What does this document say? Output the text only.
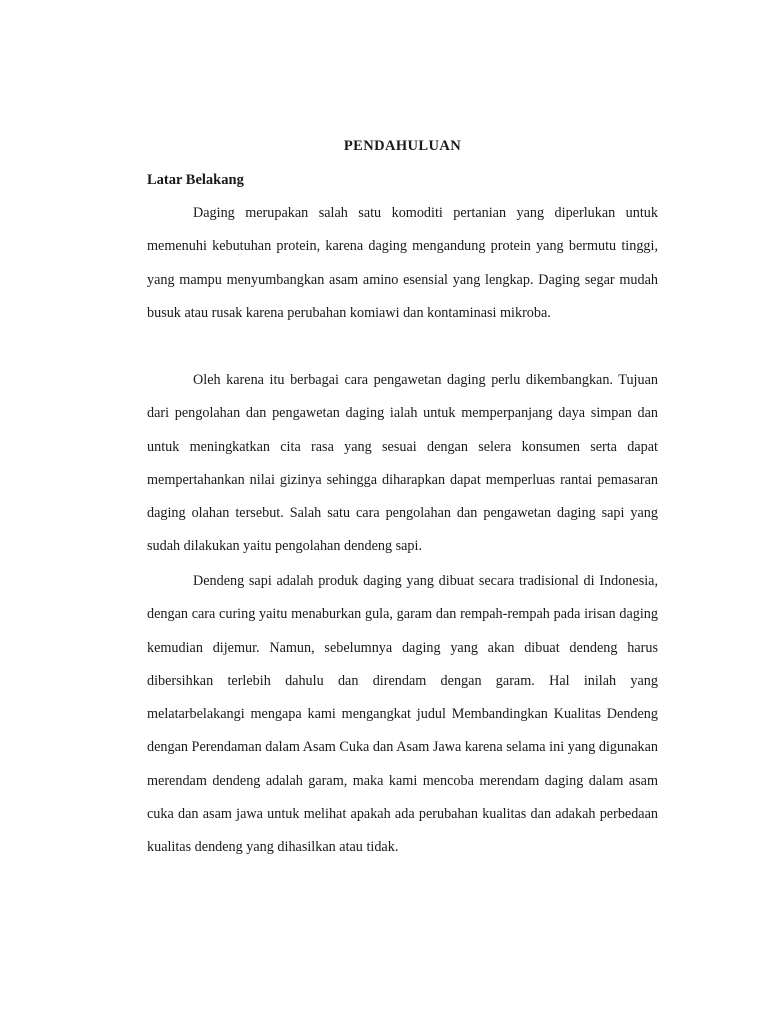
PENDAHULUAN
Latar Belakang

Daging merupakan salah satu komoditi pertanian yang diperlukan untuk memenuhi kebutuhan protein, karena daging mengandung protein yang bermutu tinggi, yang mampu menyumbangkan asam amino esensial yang lengkap. Daging segar mudah busuk atau rusak karena perubahan komiawi dan kontaminasi mikroba.

Oleh karena itu berbagai cara pengawetan daging perlu dikembangkan. Tujuan dari pengolahan dan pengawetan daging ialah untuk memperpanjang daya simpan dan untuk meningkatkan cita rasa yang sesuai dengan selera konsumen serta dapat mempertahankan nilai gizinya sehingga diharapkan dapat memperluas rantai pemasaran daging olahan tersebut. Salah satu cara pengolahan dan pengawetan daging sapi yang sudah dilakukan yaitu pengolahan dendeng sapi.

Dendeng sapi adalah produk daging yang dibuat secara tradisional di Indonesia, dengan cara curing yaitu menaburkan gula, garam dan rempah-rempah pada irisan daging kemudian dijemur. Namun, sebelumnya daging yang akan dibuat dendeng harus dibersihkan terlebih dahulu dan direndam dengan garam. Hal inilah yang melatarbelakangi mengapa kami mengangkat judul Membandingkan Kualitas Dendeng dengan Perendaman dalam Asam Cuka dan Asam Jawa karena selama ini yang digunakan merendam dendeng adalah garam, maka kami mencoba merendam daging dalam asam cuka dan asam jawa untuk melihat apakah ada perubahan kualitas dan adakah perbedaan kualitas dendeng yang dihasilkan atau tidak.
